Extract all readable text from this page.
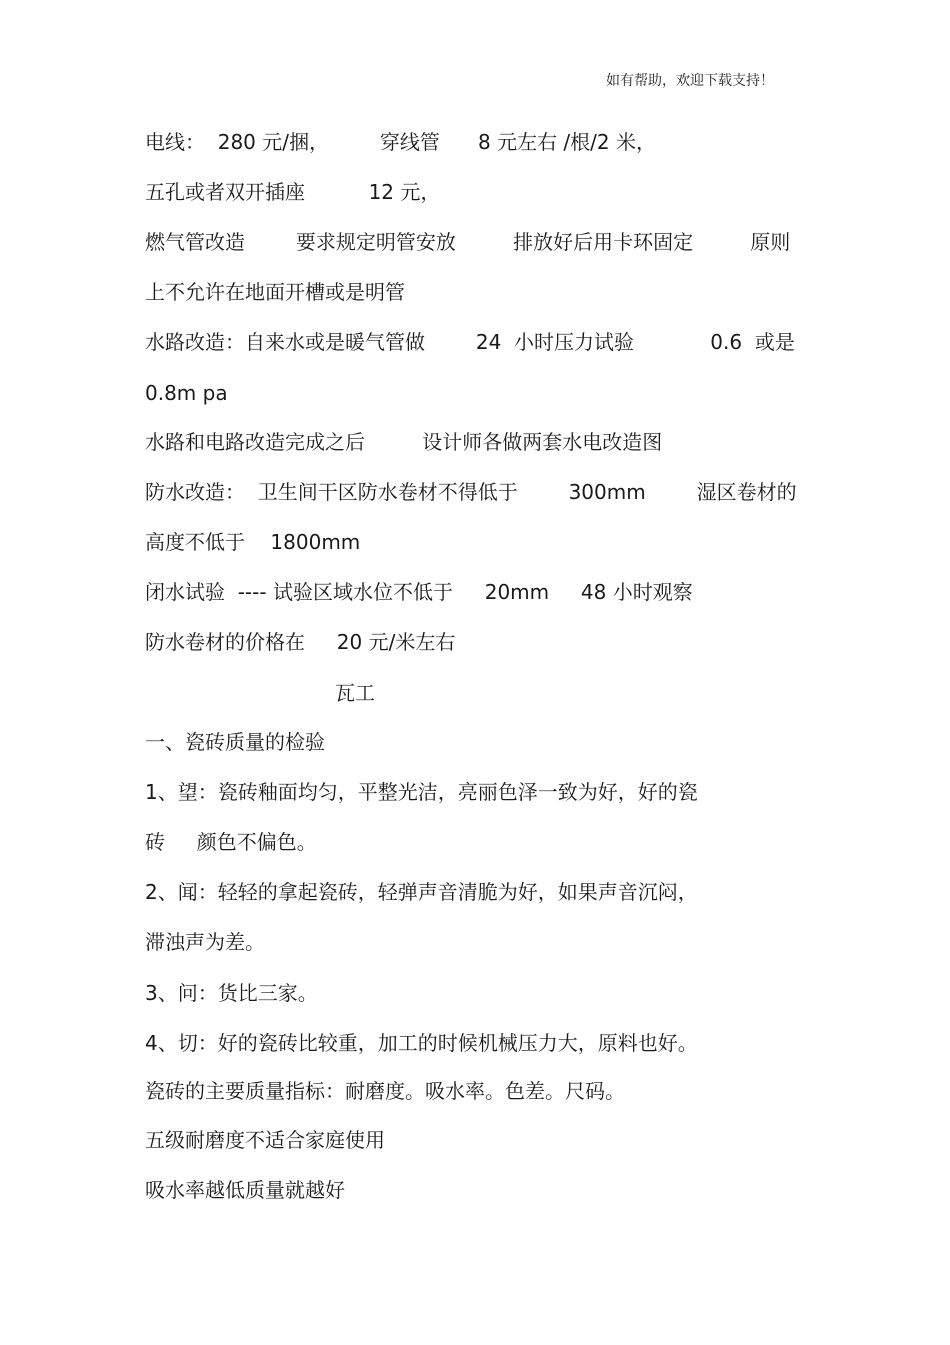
如有帮助，欢迎下载支持！
电线：  280 元/捆，        穿线管      8 元左右 /根/2 米，
五孔或者双开插座          12 元，
燃气管改造        要求规定明管安放         排放好后用卡环固定         原则
上不允许在地面开槽或是明管
水路改造：自来水或是暖气管做        24  小时压力试验            0.6  或是
0.8m pa
水路和电路改造完成之后         设计师各做两套水电改造图
防水改造：  卫生间干区防水卷材不得低于        300mm        湿区卷材的
高度不低于    1800mm
闭水试验  ---- 试验区域水位不低于     20mm     48 小时观察
防水卷材的价格在     20 元/米左右
瓦工
一、瓷砖质量的检验
1、望：瓷砖釉面均匀，平整光洁，亮丽色泽一致为好，好的瓷
砖     颜色不偏色。
2、闻：轻轻的拿起瓷砖，轻弹声音清脆为好，如果声音沉闷，
滞浊声为差。
3、问：货比三家。
4、切：好的瓷砖比较重，加工的时候机械压力大，原料也好。
瓷砖的主要质量指标：耐磨度。吸水率。色差。尺码。
五级耐磨度不适合家庭使用
吸水率越低质量就越好
